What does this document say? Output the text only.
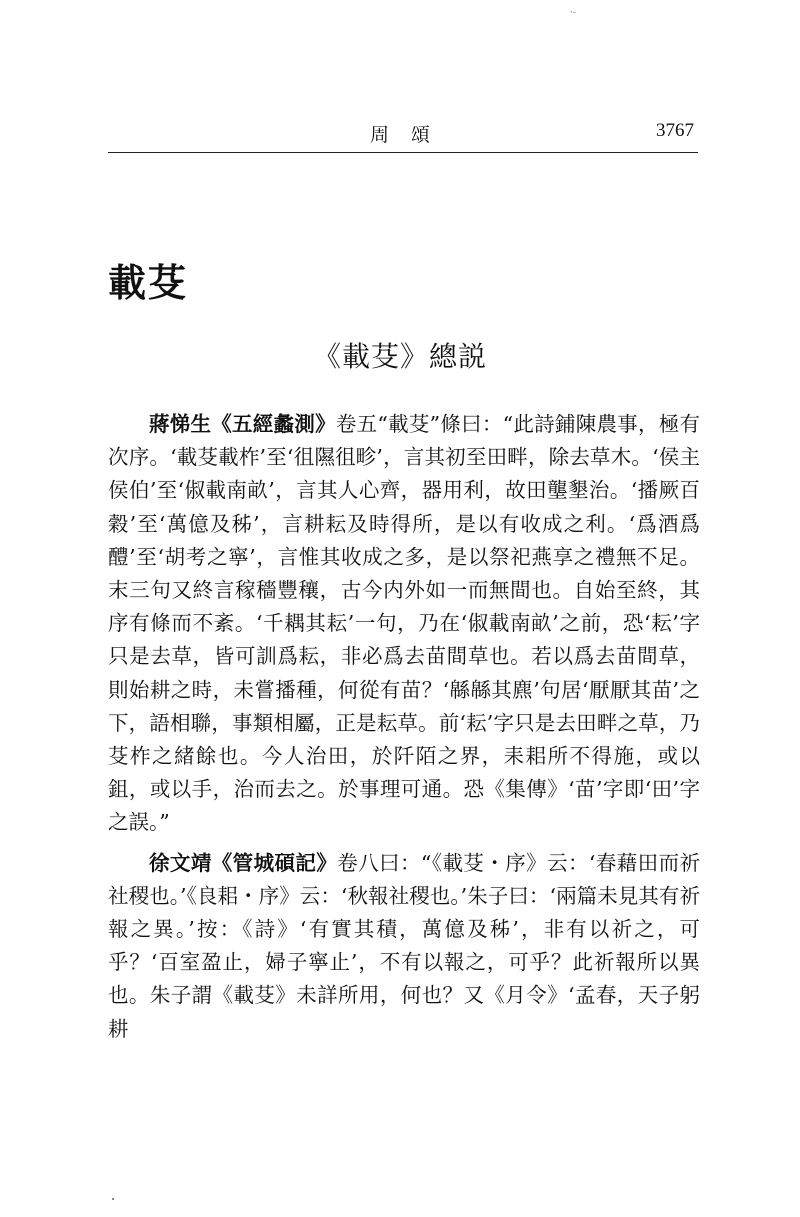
·-
周 頌	3767
載芟
《載芟》總説

蔣悌生《五經蠡測》卷五“載芟”條曰：“此詩鋪陳農事，極有次序。‘載芟載柞’至‘徂隰徂畛’，言其初至田畔，除去草木。‘侯主侯伯’至‘俶載南畝’，言其人心齊，器用利，故田壟墾治。‘播厥百穀’至‘萬億及秭’，言耕耘及時得所，是以有收成之利。‘爲酒爲醴’至‘胡考之寧’，言惟其收成之多，是以祭祀燕享之禮無不足。末三句又終言稼穡豐穰，古今内外如一而無間也。自始至終，其序有條而不紊。‘千耦其耘’一句，乃在‘俶載南畝’之前，恐‘耘’字只是去草，皆可訓爲耘，非必爲去苗間草也。若以爲去苗間草，則始耕之時，未嘗播種，何從有苗？‘緜緜其麃’句居‘厭厭其苗’之下，語相聯，事類相屬，正是耘草。前‘耘’字只是去田畔之草，乃芟柞之緒餘也。今人治田，於阡陌之界，耒耜所不得施，或以鉏，或以手，治而去之。於事理可通。恐《集傳》‘苗’字即‘田’字之誤。”

徐文靖《管城碩記》卷八曰：“《載芟・序》云：‘春藉田而祈社稷也。’《良耜・序》云：‘秋報社稷也。’朱子曰：‘兩篇未見其有祈報之異。’按：《詩》‘有實其積，萬億及秭’，非有以祈之，可乎？‘百室盈止，婦子寧止’，不有以報之，可乎？此祈報所以異也。朱子謂《載芟》未詳所用，何也？又《月令》‘孟春，天子躬耕
